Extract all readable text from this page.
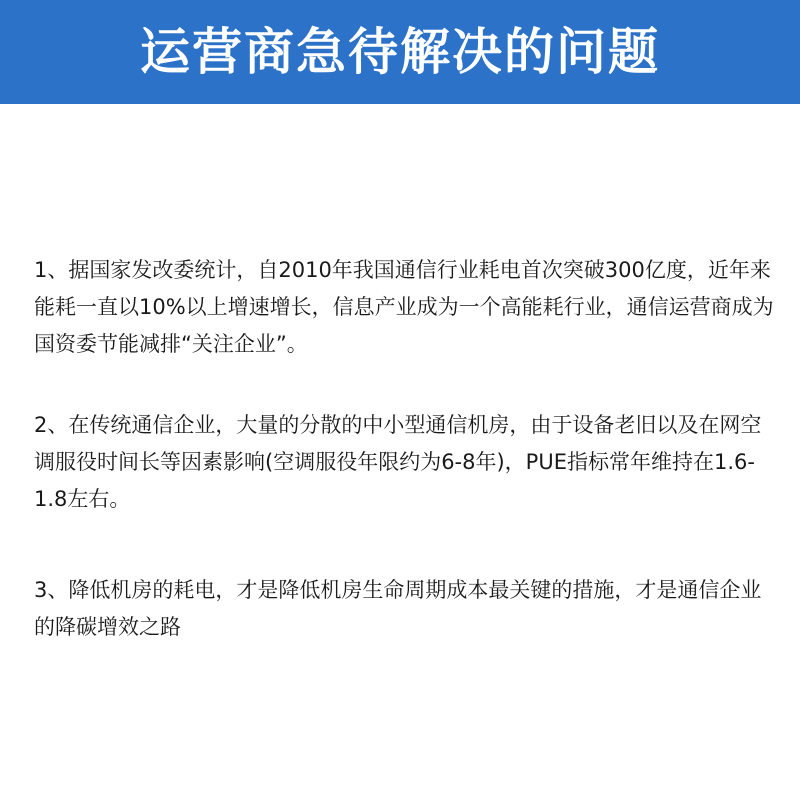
运营商急待解决的问题

1、据国家发改委统计，自2010年我国通信行业耗电首次突破300亿度，近年来能耗一直以10%以上增速增长，信息产业成为一个高能耗行业，通信运营商成为国资委节能减排“关注企业”。

2、在传统通信企业，大量的分散的中小型通信机房，由于设备老旧以及在网空调服役时间长等因素影响(空调服役年限约为6-8年)，PUE指标常年维持在1.6-1.8左右。

3、降低机房的耗电，才是降低机房生命周期成本最关键的措施，才是通信企业的降碳增效之路
